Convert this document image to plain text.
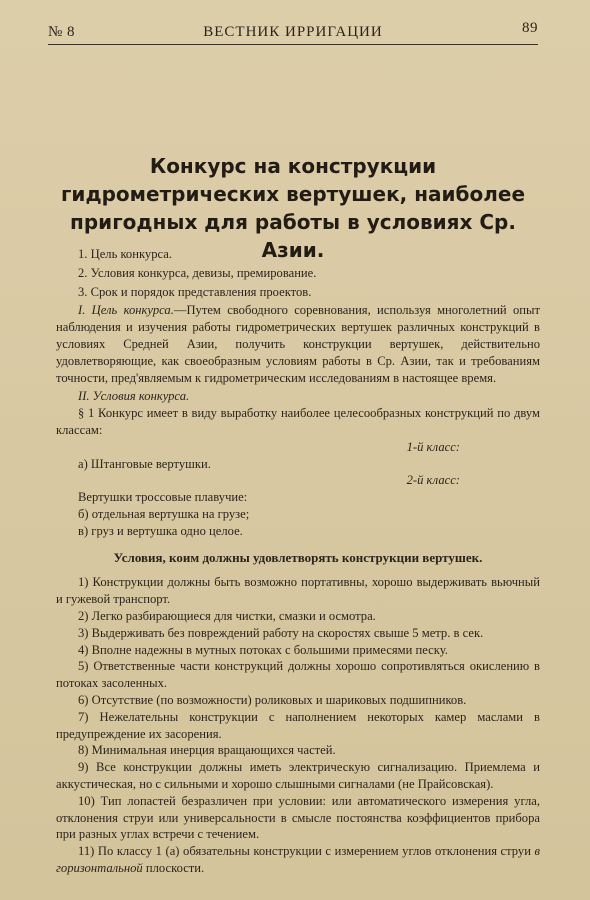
№ 8	ВЕСТНИК ИРРИГАЦИИ	89
Конкурс на конструкции гидрометрических вертушек, наиболее пригодных для работы в условиях Ср. Азии.

1. Цель конкурса.

2. Условия конкурса, девизы, премирование.

3. Срок и порядок представления проектов.

I. Цель конкурса.—Путем свободного соревнования, используя многолетний опыт наблюдения и изучения работы гидрометрических вертушек различных конструкций в условиях Средней Азии, получить конструкции вертушек, действительно удовлетворяющие, как своеобразным условиям работы в Ср. Азии, так и требованиям точности, пред'являемым к гидрометрическим исследованиям в настоящее время.

II. Условия конкурса.

§ 1 Конкурс имеет в виду выработку наиболее целесообразных конструкций по двум классам:

1-й класс:

а) Штанговые вертушки.

2-й класс:

Вертушки троссовые плавучие:

б) отдельная вертушка на грузе;

в) груз и вертушка одно целое.

Условия, коим должны удовлетворять конструкции вертушек.

1) Конструкции должны быть возможно портативны, хорошо выдерживать вьючный и гужевой транспорт.

2) Легко разбирающиеся для чистки, смазки и осмотра.

3) Выдерживать без повреждений работу на скоростях свыше 5 метр. в сек.

4) Вполне надежны в мутных потоках с большими примесями песку.

5) Ответственные части конструкций должны хорошо сопротивляться окислению в потоках засоленных.

6) Отсутствие (по возможности) роликовых и шариковых подшипников.

7) Нежелательны конструкции с наполнением некоторых камер маслами в предупреждение их засорения.

8) Минимальная инерция вращающихся частей.

9) Все конструкции должны иметь электрическую сигнализацию. Приемлема и аккустическая, но с сильными и хорошо слышными сигналами (не Прайсовская).

10) Тип лопастей безразличен при условии: или автоматического измерения угла, отклонения струи или универсальности в смысле постоянства коэффициентов прибора при разных углах встречи с течением.

11) По классу 1 (а) обязательны конструкции с измерением углов отклонения струи в горизонтальной плоскости.
